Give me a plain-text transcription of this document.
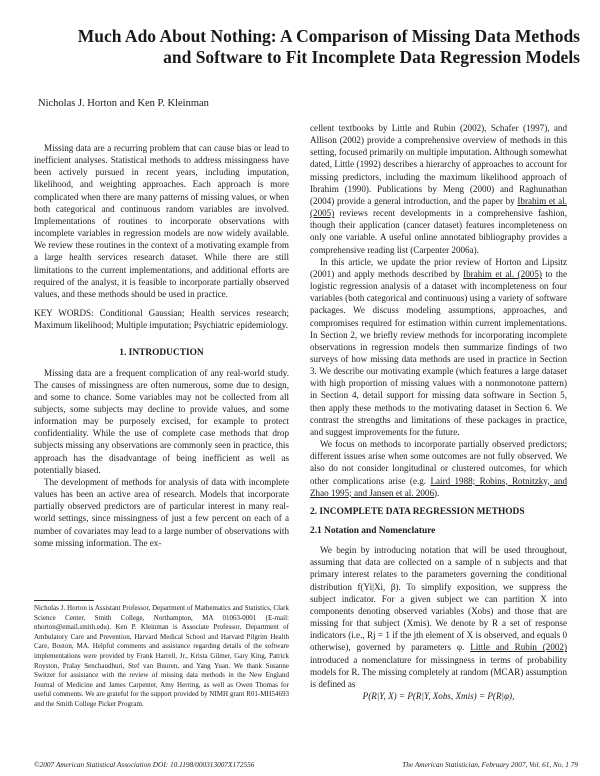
Much Ado About Nothing: A Comparison of Missing Data Methods
and Software to Fit Incomplete Data Regression Models
Nicholas J. Horton and Ken P. Kleinman

Missing data are a recurring problem that can cause bias or lead to inefficient analyses. Statistical methods to address missingness have been actively pursued in recent years, including imputation, likelihood, and weighting approaches. Each approach is more complicated when there are many patterns of missing values, or when both categorical and continuous random variables are involved. Implementations of routines to incorporate observations with incomplete variables in regression models are now widely available. We review these routines in the context of a motivating example from a large health services research dataset. While there are still limitations to the current implementations, and additional efforts are required of the analyst, it is feasible to incorporate partially observed values, and these methods should be used in practice.

KEY WORDS: Conditional Gaussian; Health services research; Maximum likelihood; Multiple imputation; Psychiatric epidemiology.

1. INTRODUCTION

Missing data are a frequent complication of any real-world study. The causes of missingness are often numerous, some due to design, and some to chance. Some variables may not be collected from all subjects, some subjects may decline to provide values, and some information may be purposely excised, for example to protect confidentiality. While the use of complete case methods that drop subjects missing any observations are commonly seen in practice, this approach has the disadvantage of being inefficient as well as potentially biased.

The development of methods for analysis of data with incomplete values has been an active area of research. Models that incorporate partially observed predictors are of particular interest in many real-world settings, since missingness of just a few percent on each of a number of covariates may lead to a large number of observations with some missing information. The ex-

Nicholas J. Horton is Assistant Professor, Department of Mathematics and Statistics, Clark Science Center, Smith College, Northampton, MA 01063-0001 (E-mail: nhorton@email.smith.edu). Ken P. Kleinman is Associate Professor, Department of Ambulatory Care and Prevention, Harvard Medical School and Harvard Pilgrim Health Care, Boston, MA. Helpful comments and assistance regarding details of the software implementations were provided by Frank Harrell, Jr., Krista Gilmer, Gary King, Patrick Royston, Pralay Senchaudhuri, Stef van Buuren, and Yang Yuan. We thank Susanne Switzer for assistance with the review of missing data methods in the New England Journal of Medicine and James Carpenter, Amy Herring, as well as Owen Thomas for useful comments. We are grateful for the support provided by NIMH grant R01-MH54693 and the Smith College Picker Program.

cellent textbooks by Little and Rubin (2002), Schafer (1997), and Allison (2002) provide a comprehensive overview of methods in this setting, focused primarily on multiple imputation. Although somewhat dated, Little (1992) describes a hierarchy of approaches to account for missing predictors, including the maximum likelihood approach of Ibrahim (1990). Publications by Meng (2000) and Raghunathan (2004) provide a general introduction, and the paper by Ibrahim et al. (2005) reviews recent developments in a comprehensive fashion, though their application (cancer dataset) features incompleteness on only one variable. A useful online annotated bibliography provides a comprehensive reading list (Carpenter 2006a).

In this article, we update the prior review of Horton and Lipsitz (2001) and apply methods described by Ibrahim et al. (2005) to the logistic regression analysis of a dataset with incompleteness on four variables (both categorical and continuous) using a variety of software packages. We discuss modeling assumptions, approaches, and compromises required for estimation within current implementations. In Section 2, we briefly review methods for incorporating incomplete observations in regression models then summarize findings of two surveys of how missing data methods are used in practice in Section 3. We describe our motivating example (which features a large dataset with high proportion of missing values with a nonmonotone pattern) in Section 4, detail support for missing data software in Section 5, then apply these methods to the motivating dataset in Section 6. We contrast the strengths and limitations of these packages in practice, and suggest improvements for the future.

We focus on methods to incorporate partially observed predictors; different issues arise when some outcomes are not fully observed. We also do not consider longitudinal or clustered outcomes, for which other complications arise (e.g. Laird 1988; Robins, Rotnitzky, and Zhao 1995; and Jansen et al. 2006).

2. INCOMPLETE DATA REGRESSION METHODS

2.1 Notation and Nomenclature

We begin by introducing notation that will be used throughout, assuming that data are collected on a sample of n subjects and that primary interest relates to the parameters governing the conditional distribution f(Yi|Xi, β). To simplify exposition, we suppress the subject indicator. For a given subject we can partition X into components denoting observed variables (Xobs) and those that are missing for that subject (Xmis). We denote by R a set of response indicators (i.e., Rj = 1 if the jth element of X is observed, and equals 0 otherwise), governed by parameters φ. Little and Rubin (2002) introduced a nomenclature for missingness in terms of probability models for R. The missing completely at random (MCAR) assumption is defined as

P(R|Y, X) = P(R|Y, Xobs, Xmis) = P(R|φ),

©2007 American Statistical Association DOI: 10.1198/000313007X172556	The American Statistician, February 2007, Vol. 61, No. 1 79
